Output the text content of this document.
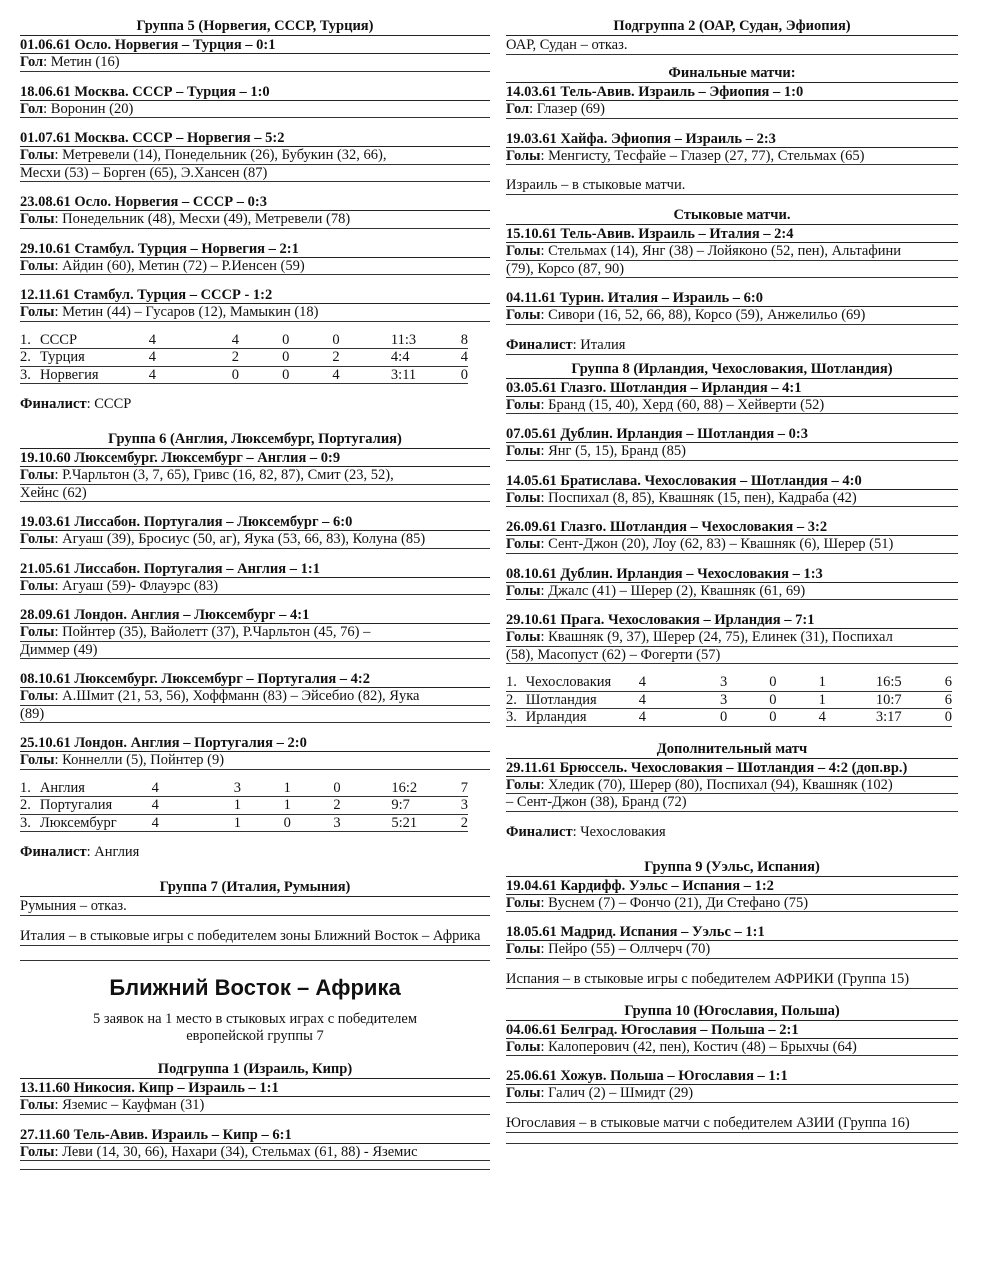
Группа 5 (Норвегия, СССР, Турция)
01.06.61 Осло. Норвегия – Турция – 0:1
Гол: Метин (16)
18.06.61 Москва. СССР – Турция – 1:0
Гол: Воронин (20)
01.07.61 Москва. СССР – Норвегия – 5:2
Голы: Метревели (14), Понедельник (26), Бубукин (32, 66),
Месхи (53) – Борген (65), Э.Хансен (87)
23.08.61 Осло. Норвегия – СССР – 0:3
Голы: Понедельник (48), Месхи (49), Метревели (78)
29.10.61 Стамбул. Турция – Норвегия – 2:1
Голы: Айдин (60), Метин (72) – Р.Иенсен (59)
12.11.61 Стамбул. Турция – СССР - 1:2
Голы: Метин (44) – Гусаров (12), Мамыкин (18)
1.	СССР	4	4	0	0	11:3	8
2.	Турция	4	2	0	2	4:4	4
3.	Норвегия	4	0	0	4	3:11	0
Финалист: СССР
Группа 6 (Англия, Люксембург, Португалия)
19.10.60 Люксембург. Люксембург – Англия – 0:9
Голы: Р.Чарльтон (3, 7, 65), Гривс (16, 82, 87), Смит (23, 52),
Хейнс (62)
19.03.61 Лиссабон. Португалия – Люксембург – 6:0
Голы: Агуаш (39), Бросиус (50, аг), Яука (53, 66, 83), Колуна (85)
21.05.61 Лиссабон. Португалия – Англия – 1:1
Голы: Агуаш (59)- Флауэрс (83)
28.09.61 Лондон. Англия – Люксембург – 4:1
Голы: Пойнтер (35), Вайолетт (37), Р.Чарльтон (45, 76) –
Диммер (49)
08.10.61 Люксембург. Люксембург – Португалия – 4:2
Голы: А.Шмит (21, 53, 56), Хоффманн (83) – Эйсебио (82), Яука
(89)
25.10.61 Лондон. Англия – Португалия – 2:0
Голы: Коннелли (5), Пойнтер (9)
1.	Англия	4	3	1	0	16:2	7
2.	Португалия	4	1	1	2	9:7	3
3.	Люксембург	4	1	0	3	5:21	2
Финалист: Англия
Группа 7 (Италия, Румыния)
Румыния – отказ.
Италия – в стыковые игры с победителем зоны Ближний Восток – Африка
Ближний Восток – Африка
5 заявок на 1 место в стыковых играх с победителем европейской группы 7
Подгруппа 1 (Израиль, Кипр)
13.11.60 Никосия. Кипр – Израиль – 1:1
Голы: Яземис – Кауфман (31)
27.11.60 Тель-Авив. Израиль – Кипр – 6:1
Голы: Леви (14, 30, 66), Нахари (34), Стельмах (61, 88) - Яземис
Подгруппа 2 (ОАР, Судан, Эфиопия)
ОАР, Судан – отказ.
Финальные матчи:
14.03.61 Тель-Авив. Израиль – Эфиопия – 1:0
Гол: Глазер (69)
19.03.61 Хайфа. Эфиопия – Израиль – 2:3
Голы: Менгисту, Тесфайе – Глазер (27, 77), Стельмах (65)
Израиль – в стыковые матчи.
Стыковые матчи.
15.10.61 Тель-Авив. Израиль – Италия – 2:4
Голы: Стельмах (14), Янг (38) – Лойяконо (52, пен), Альтафини
(79), Корсо (87, 90)
04.11.61 Турин. Италия – Израиль – 6:0
Голы: Сивори (16, 52, 66, 88), Корсо (59), Анжелильо (69)
Финалист: Италия
Группа 8 (Ирландия, Чехословакия, Шотландия)
03.05.61 Глазго. Шотландия – Ирландия – 4:1
Голы: Бранд (15, 40), Херд (60, 88) – Хейверти (52)
07.05.61 Дублин. Ирландия – Шотландия – 0:3
Голы: Янг (5, 15), Бранд (85)
14.05.61 Братислава. Чехословакия – Шотландия – 4:0
Голы: Поспихал (8, 85), Квашняк (15, пен), Кадраба (42)
26.09.61 Глазго. Шотландия – Чехословакия – 3:2
Голы: Сент-Джон (20), Лоу (62, 83) – Квашняк (6), Шерер (51)
08.10.61 Дублин. Ирландия – Чехословакия – 1:3
Голы: Джалс (41) – Шерер (2), Квашняк (61, 69)
29.10.61 Прага. Чехословакия – Ирландия – 7:1
Голы: Квашняк (9, 37), Шерер (24, 75), Елинек (31), Поспихал
(58), Масопуст (62) – Фогерти (57)
1.	Чехословакия	4	3	0	1	16:5	6
2.	Шотландия	4	3	0	1	10:7	6
3.	Ирландия	4	0	0	4	3:17	0
Дополнительный матч
29.11.61 Брюссель. Чехословакия – Шотландия – 4:2 (доп.вр.)
Голы: Хледик (70), Шерер (80), Поспихал (94), Квашняк (102)
– Сент-Джон (38), Бранд (72)
Финалист: Чехословакия
Группа 9 (Уэльс, Испания)
19.04.61 Кардифф. Уэльс – Испания – 1:2
Голы: Вуснем (7) – Фончо (21), Ди Стефано (75)
18.05.61 Мадрид. Испания – Уэльс – 1:1
Голы: Пейро (55) – Оллчерч (70)
Испания – в стыковые игры с победителем АФРИКИ (Группа 15)
Группа 10 (Югославия, Польша)
04.06.61 Белград. Югославия – Польша – 2:1
Голы: Калоперович (42, пен), Костич (48) – Брыхчы (64)
25.06.61 Хожув. Польша – Югославия – 1:1
Голы: Галич (2) – Шмидт (29)
Югославия – в стыковые матчи с победителем АЗИИ (Группа 16)
